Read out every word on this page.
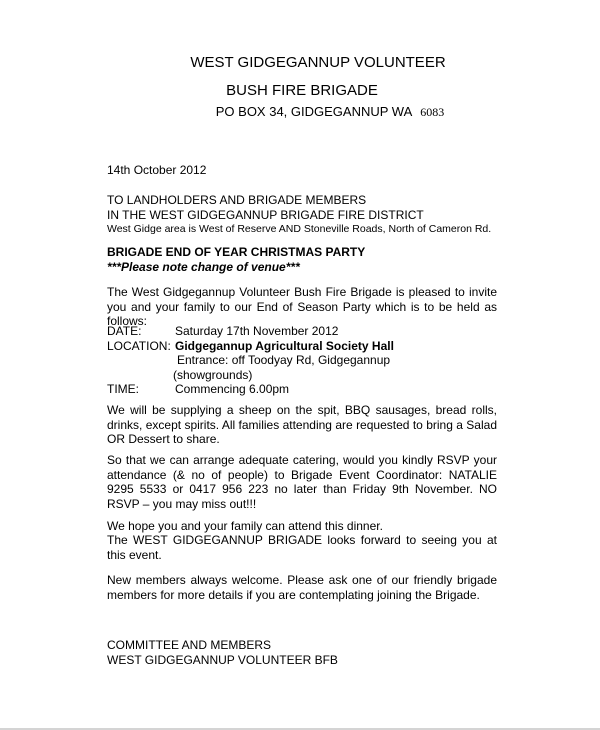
WEST GIDGEGANNUP VOLUNTEER
BUSH FIRE BRIGADE
PO BOX 34, GIDGEGANNUP WA 6083
14th October 2012
TO LANDHOLDERS AND BRIGADE MEMBERS
IN THE WEST GIDGEGANNUP BRIGADE FIRE DISTRICT
West Gidge area is West of Reserve AND Stoneville Roads, North of Cameron Rd.
BRIGADE END OF YEAR CHRISTMAS PARTY
***Please note change of venue***
The West Gidgegannup Volunteer Bush Fire Brigade is pleased to invite you and your family to our End of Season Party which is to be held as follows:
DATE:	Saturday 17th November 2012
LOCATION: Gidgegannup Agricultural Society Hall
Entrance: off Toodyay Rd, Gidgegannup
(showgrounds)
TIME:	Commencing 6.00pm
We will be supplying a sheep on the spit, BBQ sausages, bread rolls, drinks, except spirits. All families attending are requested to bring a Salad OR Dessert to share.
So that we can arrange adequate catering, would you kindly RSVP your attendance (& no of people) to Brigade Event Coordinator: NATALIE 9295 5533 or 0417 956 223 no later than Friday 9th November. NO RSVP – you may miss out!!!
We hope you and your family can attend this dinner.
The WEST GIDGEGANNUP BRIGADE looks forward to seeing you at this event.
New members always welcome. Please ask one of our friendly brigade members for more details if you are contemplating joining the Brigade.
COMMITTEE AND MEMBERS
WEST GIDGEGANNUP VOLUNTEER BFB
